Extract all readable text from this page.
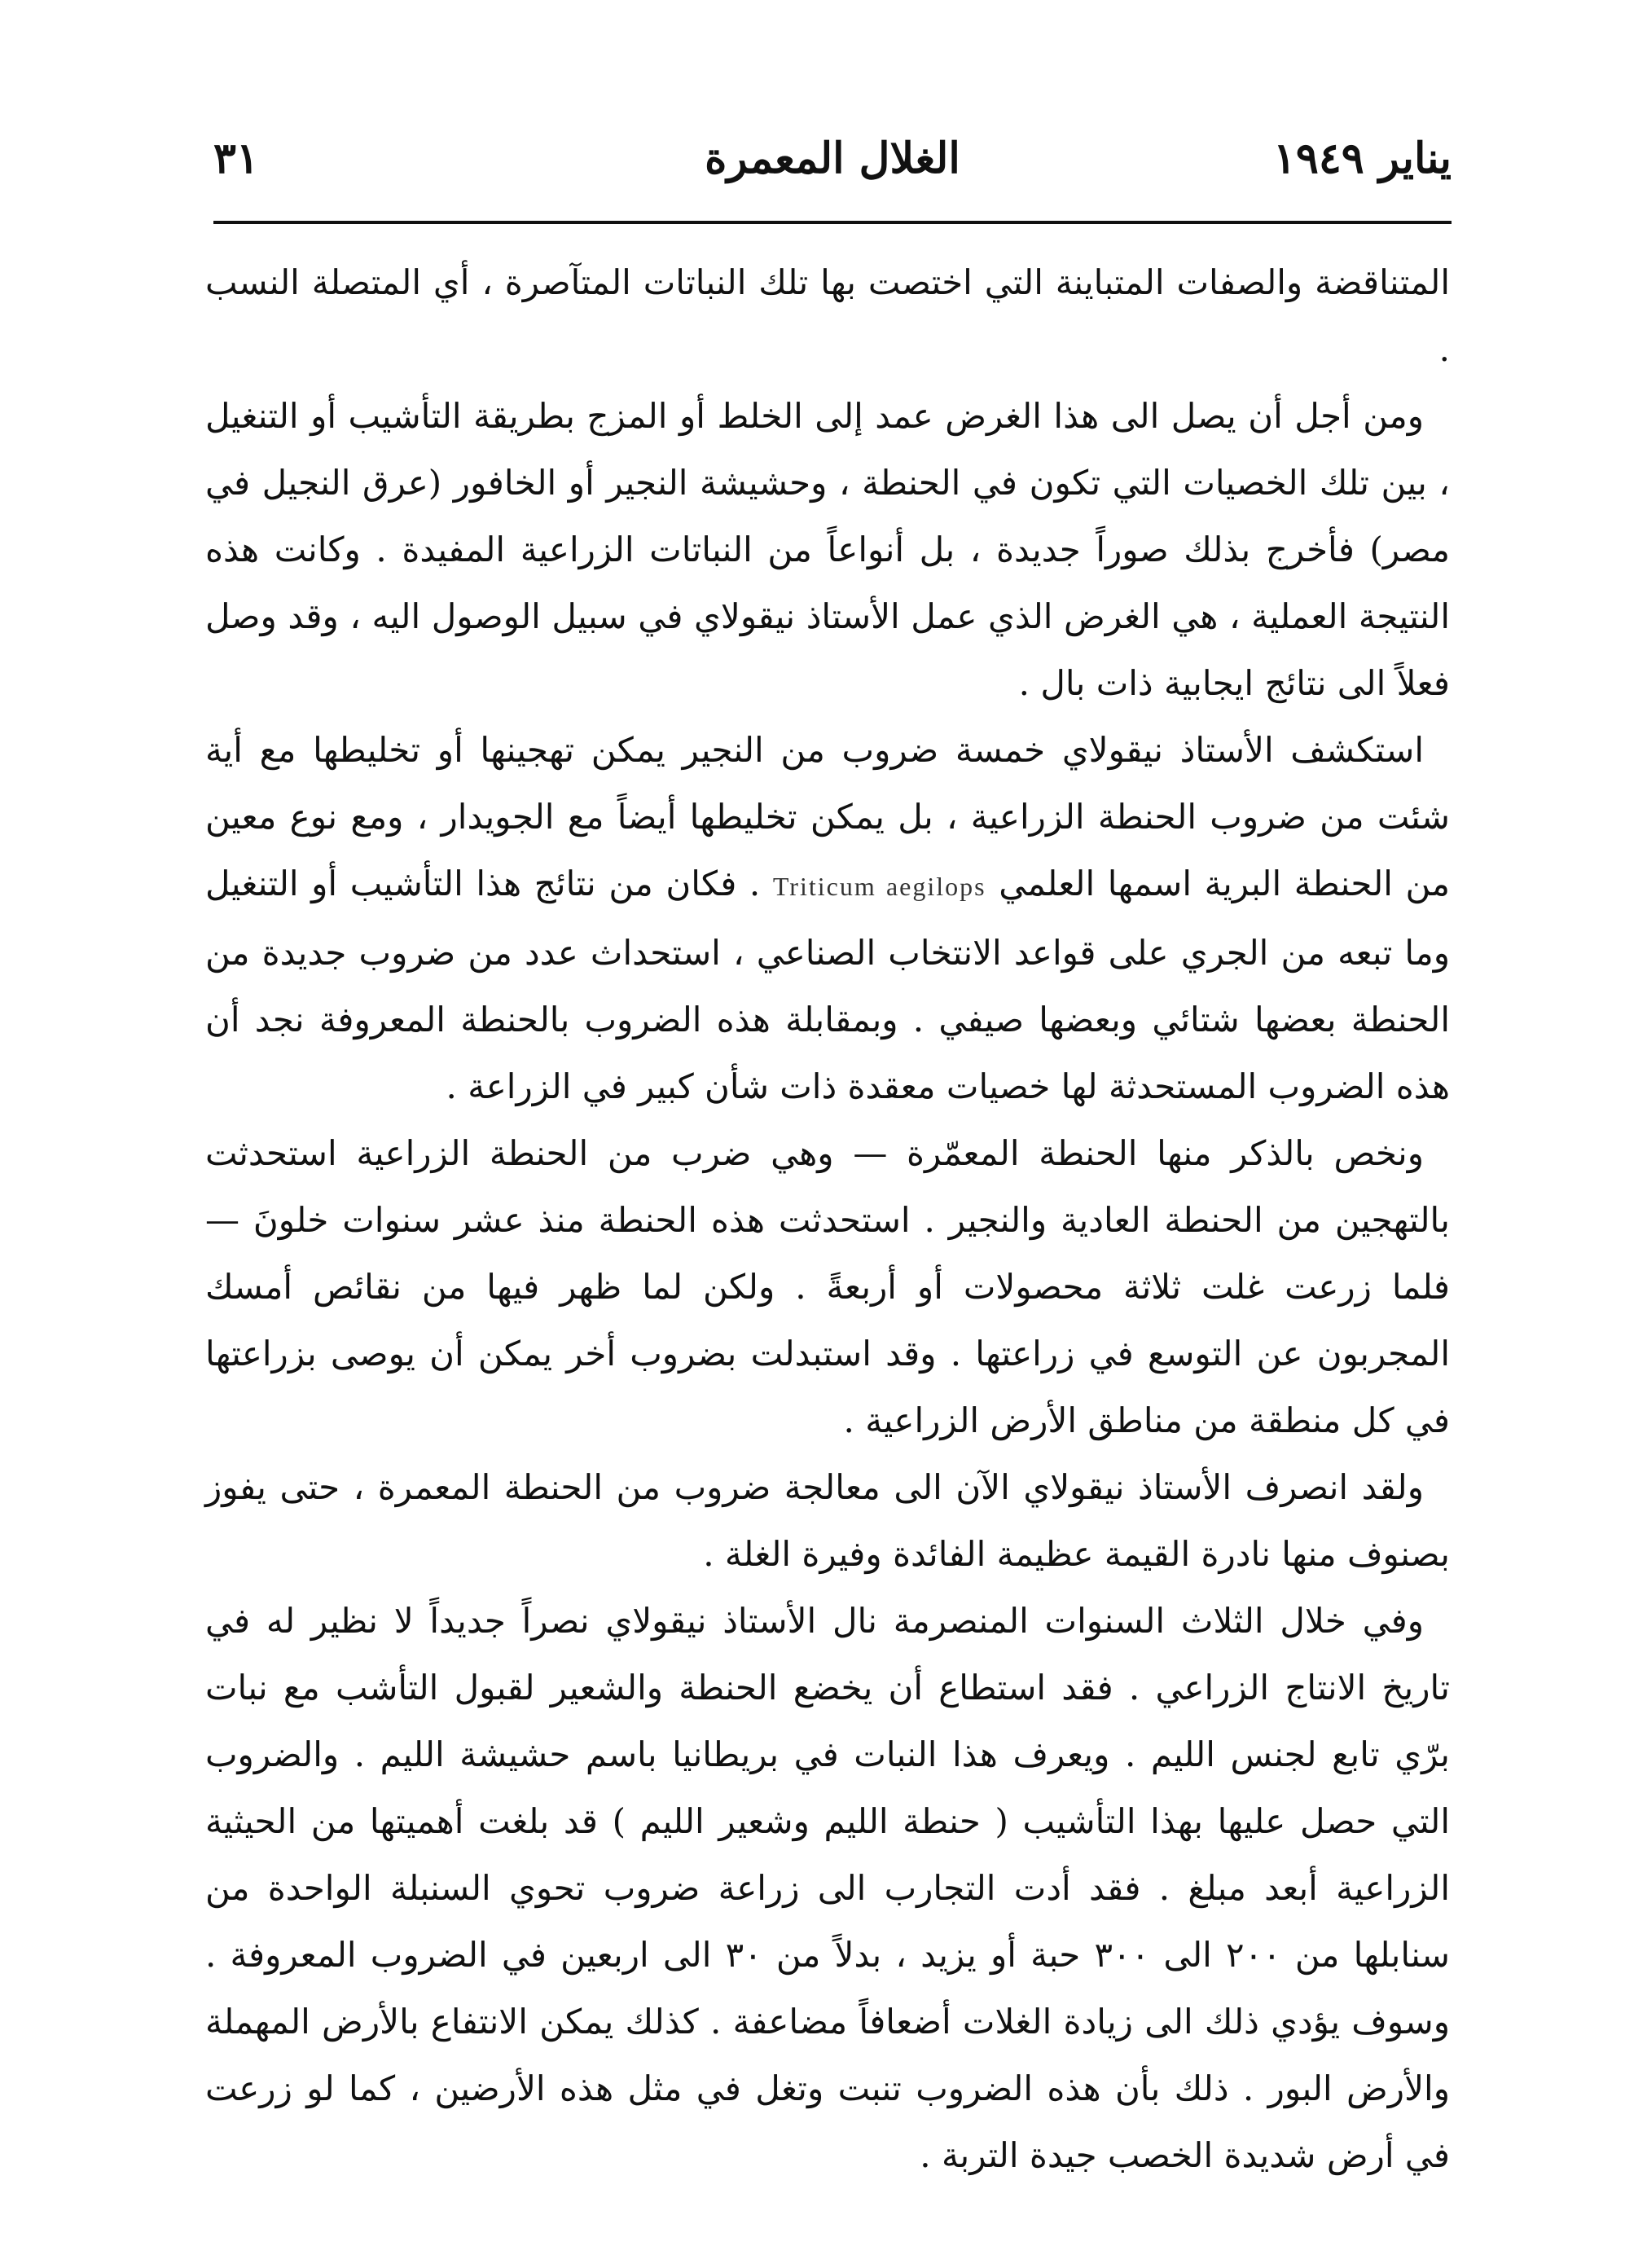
يناير ١٩٤٩
الغلال المعمرة
٣١

المتناقضة والصفات المتباينة التي اختصت بها تلك النباتات المتآصرة ، أي المتصلة النسب .

ومن أجل أن يصل الى هذا الغرض عمد إلى الخلط أو المزج بطريقة التأشيب أو التنغيل ، بين تلك الخصيات التي تكون في الحنطة ، وحشيشة النجير أو الخافور (عرق النجيل في مصر) فأخرج بذلك صوراً جديدة ، بل أنواعاً من النباتات الزراعية المفيدة . وكانت هذه النتيجة العملية ، هي الغرض الذي عمل الأستاذ نيقولاي في سبيل الوصول اليه ، وقد وصل فعلاً الى نتائج ايجابية ذات بال .

استكشف الأستاذ نيقولاي خمسة ضروب من النجير يمكن تهجينها أو تخليطها مع أية شئت من ضروب الحنطة الزراعية ، بل يمكن تخليطها أيضاً مع الجويدار ، ومع نوع معين من الحنطة البرية اسمها العلمي Triticum aegilops . فكان من نتائج هذا التأشيب أو التنغيل وما تبعه من الجري على قواعد الانتخاب الصناعي ، استحداث عدد من ضروب جديدة من الحنطة بعضها شتائي وبعضها صيفي . وبمقابلة هذه الضروب بالحنطة المعروفة نجد أن هذه الضروب المستحدثة لها خصيات معقدة ذات شأن كبير في الزراعة .

ونخص بالذكر منها الحنطة المعمّرة — وهي ضرب من الحنطة الزراعية استحدثت بالتهجين من الحنطة العادية والنجير . استحدثت هذه الحنطة منذ عشر سنوات خلونَ — فلما زرعت غلت ثلاثة محصولات أو أربعةً . ولكن لما ظهر فيها من نقائص أمسك المجربون عن التوسع في زراعتها . وقد استبدلت بضروب أخر يمكن أن يوصى بزراعتها في كل منطقة من مناطق الأرض الزراعية .

ولقد انصرف الأستاذ نيقولاي الآن الى معالجة ضروب من الحنطة المعمرة ، حتى يفوز بصنوف منها نادرة القيمة عظيمة الفائدة وفيرة الغلة .

وفي خلال الثلاث السنوات المنصرمة نال الأستاذ نيقولاي نصراً جديداً لا نظير له في تاريخ الانتاج الزراعي . فقد استطاع أن يخضع الحنطة والشعير لقبول التأشب مع نبات برّي تابع لجنس الليم . ويعرف هذا النبات في بريطانيا باسم حشيشة الليم . والضروب التي حصل عليها بهذا التأشيب ( حنطة الليم وشعير الليم ) قد بلغت أهميتها من الحيثية الزراعية أبعد مبلغ . فقد أدت التجارب الى زراعة ضروب تحوي السنبلة الواحدة من سنابلها من ٢٠٠ الى ٣٠٠ حبة أو يزيد ، بدلاً من ٣٠ الى اربعين في الضروب المعروفة . وسوف يؤدي ذلك الى زيادة الغلات أضعافاً مضاعفة . كذلك يمكن الانتفاع بالأرض المهملة والأرض البور . ذلك بأن هذه الضروب تنبت وتغل في مثل هذه الأرضين ، كما لو زرعت في أرض شديدة الخصب جيدة التربة .
